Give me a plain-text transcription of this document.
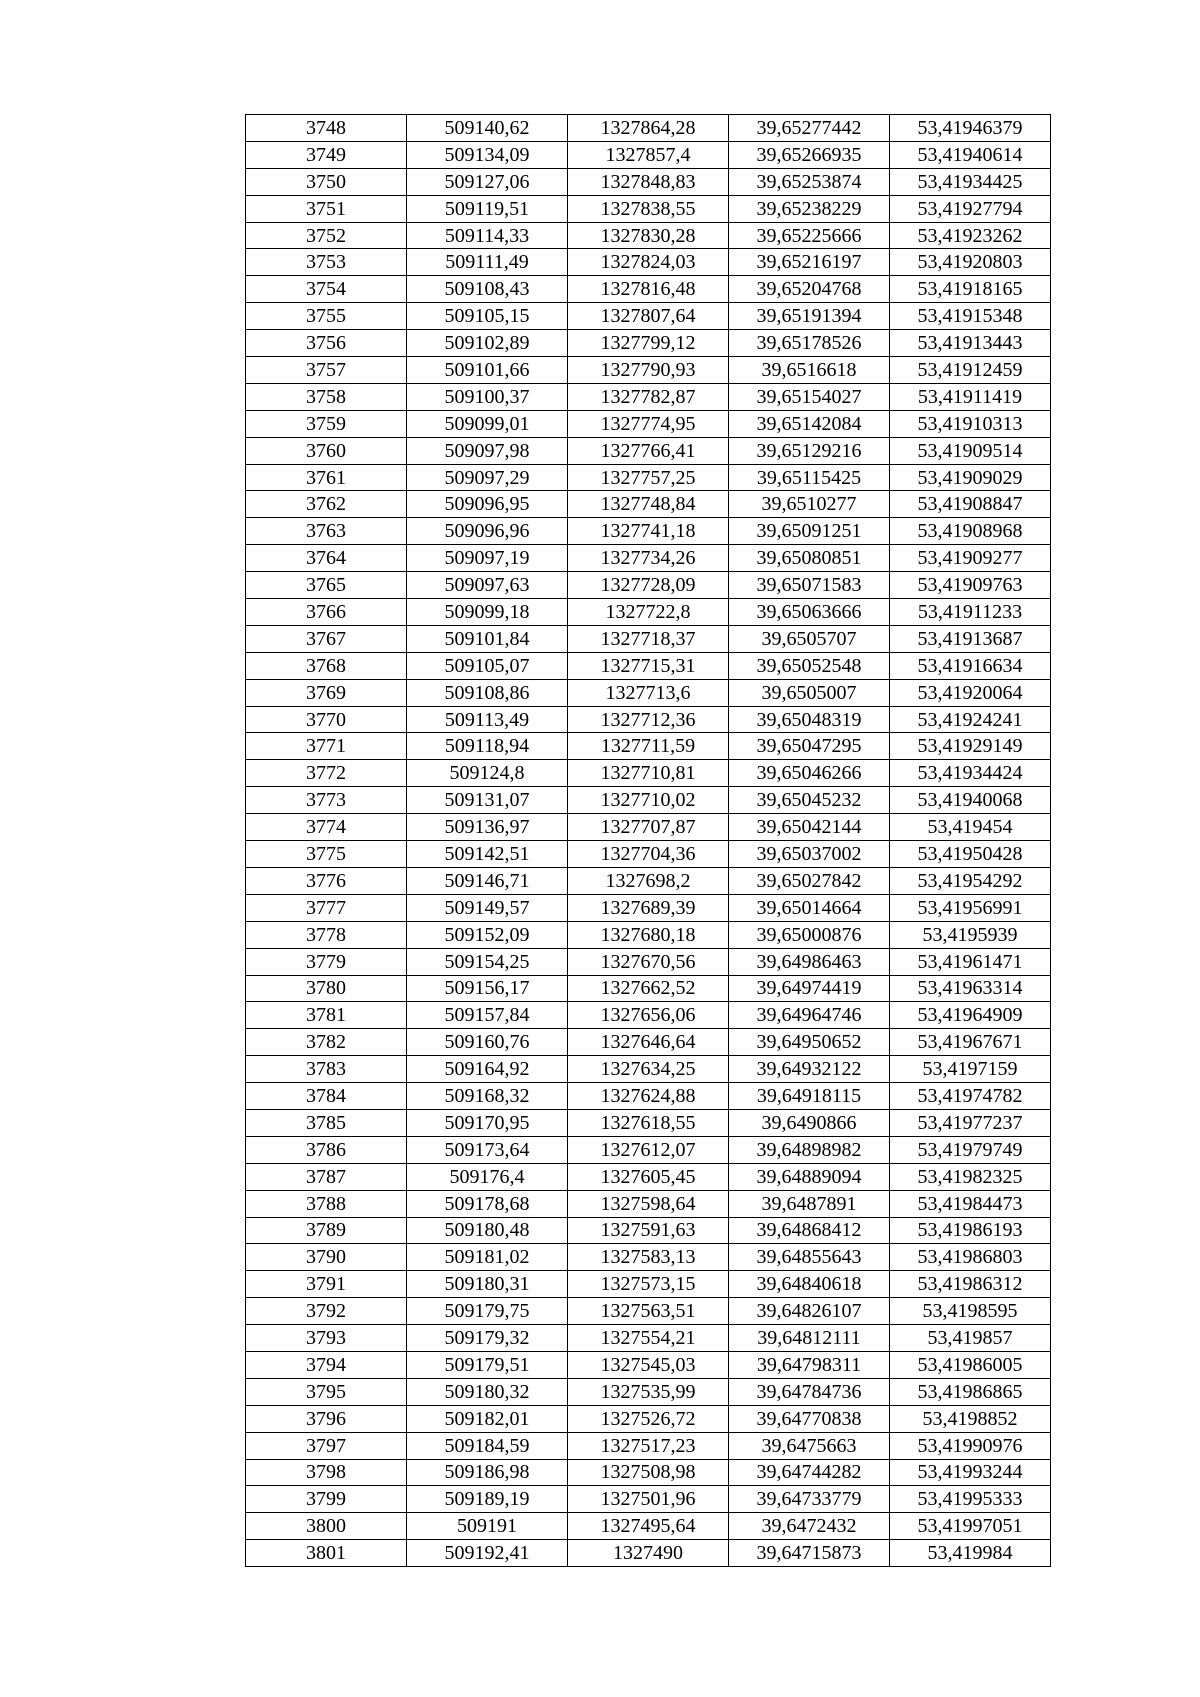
3748	509140,62	1327864,28	39,65277442	53,41946379
3749	509134,09	1327857,4	39,65266935	53,41940614
3750	509127,06	1327848,83	39,65253874	53,41934425
3751	509119,51	1327838,55	39,65238229	53,41927794
3752	509114,33	1327830,28	39,65225666	53,41923262
3753	509111,49	1327824,03	39,65216197	53,41920803
3754	509108,43	1327816,48	39,65204768	53,41918165
3755	509105,15	1327807,64	39,65191394	53,41915348
3756	509102,89	1327799,12	39,65178526	53,41913443
3757	509101,66	1327790,93	39,6516618	53,41912459
3758	509100,37	1327782,87	39,65154027	53,41911419
3759	509099,01	1327774,95	39,65142084	53,41910313
3760	509097,98	1327766,41	39,65129216	53,41909514
3761	509097,29	1327757,25	39,65115425	53,41909029
3762	509096,95	1327748,84	39,6510277	53,41908847
3763	509096,96	1327741,18	39,65091251	53,41908968
3764	509097,19	1327734,26	39,65080851	53,41909277
3765	509097,63	1327728,09	39,65071583	53,41909763
3766	509099,18	1327722,8	39,65063666	53,41911233
3767	509101,84	1327718,37	39,6505707	53,41913687
3768	509105,07	1327715,31	39,65052548	53,41916634
3769	509108,86	1327713,6	39,6505007	53,41920064
3770	509113,49	1327712,36	39,65048319	53,41924241
3771	509118,94	1327711,59	39,65047295	53,41929149
3772	509124,8	1327710,81	39,65046266	53,41934424
3773	509131,07	1327710,02	39,65045232	53,41940068
3774	509136,97	1327707,87	39,65042144	53,419454
3775	509142,51	1327704,36	39,65037002	53,41950428
3776	509146,71	1327698,2	39,65027842	53,41954292
3777	509149,57	1327689,39	39,65014664	53,41956991
3778	509152,09	1327680,18	39,65000876	53,4195939
3779	509154,25	1327670,56	39,64986463	53,41961471
3780	509156,17	1327662,52	39,64974419	53,41963314
3781	509157,84	1327656,06	39,64964746	53,41964909
3782	509160,76	1327646,64	39,64950652	53,41967671
3783	509164,92	1327634,25	39,64932122	53,4197159
3784	509168,32	1327624,88	39,64918115	53,41974782
3785	509170,95	1327618,55	39,6490866	53,41977237
3786	509173,64	1327612,07	39,64898982	53,41979749
3787	509176,4	1327605,45	39,64889094	53,41982325
3788	509178,68	1327598,64	39,6487891	53,41984473
3789	509180,48	1327591,63	39,64868412	53,41986193
3790	509181,02	1327583,13	39,64855643	53,41986803
3791	509180,31	1327573,15	39,64840618	53,41986312
3792	509179,75	1327563,51	39,64826107	53,4198595
3793	509179,32	1327554,21	39,64812111	53,419857
3794	509179,51	1327545,03	39,64798311	53,41986005
3795	509180,32	1327535,99	39,64784736	53,41986865
3796	509182,01	1327526,72	39,64770838	53,4198852
3797	509184,59	1327517,23	39,6475663	53,41990976
3798	509186,98	1327508,98	39,64744282	53,41993244
3799	509189,19	1327501,96	39,64733779	53,41995333
3800	509191	1327495,64	39,6472432	53,41997051
3801	509192,41	1327490	39,64715873	53,419984
